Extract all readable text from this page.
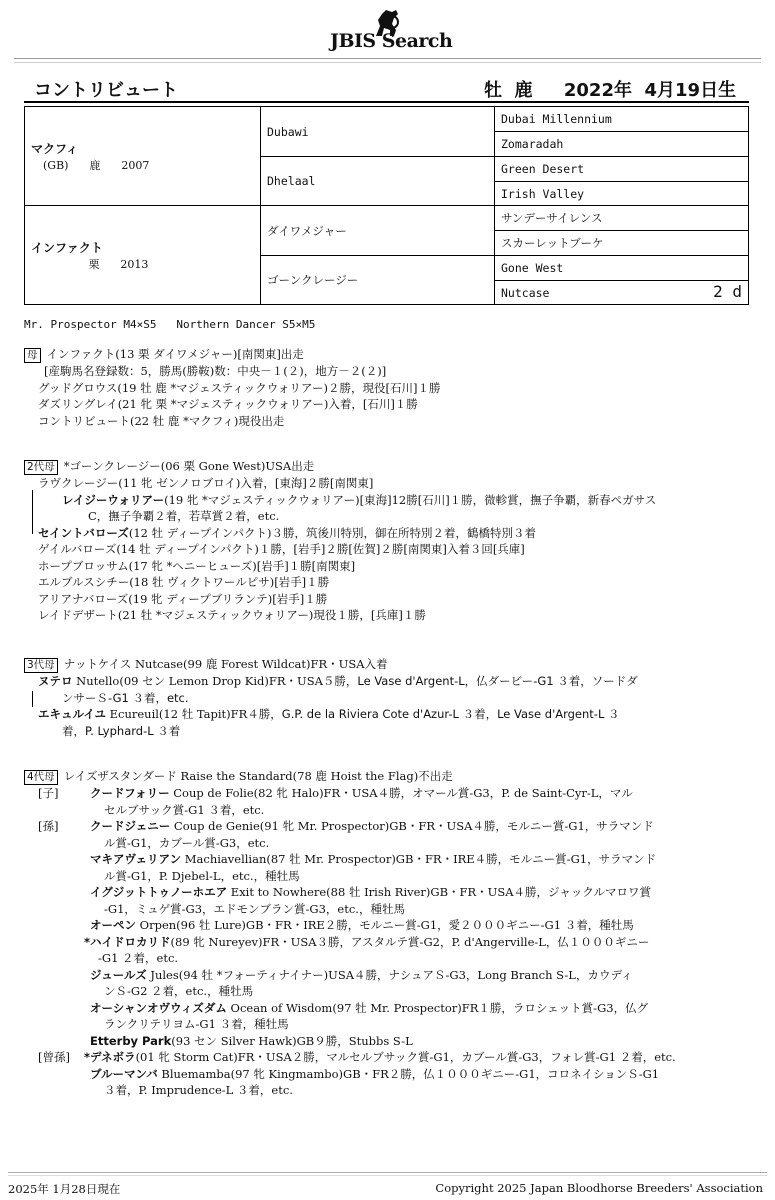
JBIS Search
コントリビュート	牡  鹿     2022年  4月19日生
マクフィ
(GB)      鹿      2007	Dubawi	Dubai Millennium
		Zomaradah
	Dhelaal	Green Desert
		Irish Valley

インファクト
栗      2013	ダイワメジャー	サンデーサイレンス
		スカーレットブーケ
	ゴーンクレージー	Gone West
		Nutcase 2 d
Mr. Prospector M4×S5   Northern Dancer S5×M5
母 インファクト(13 栗 ダイワメジャー)[南関東]出走
[産駒馬名登録数：5，勝馬(勝鞍)数：中央－１(２)，地方－２(２)]
グッドグロウス(19 牡 鹿 *マジェスティックウォリアー)２勝，現役[石川]１勝
ダズリングレイ(21 牝 栗 *マジェスティックウォリアー)入着，[石川]１勝
コントリビュート(22 牡 鹿 *マクフィ)現役出走
2代母 *ゴーンクレージー(06 栗 Gone West)USA出走
ラヴクレージー(11 牝 ゼンノロブロイ)入着，[東海]２勝[南関東]
レイジーウォリアー(19 牝 *マジェスティックウォリアー)[東海]12勝[石川]１勝，微軫賞，撫子争覇，新春ペガサス
C，撫子争覇２着，若草賞２着，etc.
セイントバローズ(12 牡 ディープインパクト)３勝，筑後川特別，御在所特別２着，鶴橋特別３着
ゲイルバローズ(14 牡 ディープインパクト)１勝，[岩手]２勝[佐賀]２勝[南関東]入着３回[兵庫]
ホープブロッサム(17 牝 *ヘニーヒューズ)[岩手]１勝[南関東]
エルブルスシチー(18 牡 ヴィクトワールピサ)[岩手]１勝
アリアナバローズ(19 牝 ディープブリランテ)[岩手]１勝
レイドデザート(21 牡 *マジェスティックウォリアー)現役１勝，[兵庫]１勝
3代母 ナットケイス Nutcase(99 鹿 Forest Wildcat)FR・USA入着
ヌテロ Nutello(09 セン Lemon Drop Kid)FR・USA５勝，Le Vase d'Argent-L，仏ダービー-G1 ３着，ソードダ
ンサーＳ-G1 ３着，etc.
エキュルイユ Ecureuil(12 牡 Tapit)FR４勝，G.P. de la Riviera Cote d'Azur-L ３着，Le Vase d'Argent-L ３
着，P. Lyphard-L ３着
4代母 レイズザスタンダード Raise the Standard(78 鹿 Hoist the Flag)不出走
[子]	クードフォリー Coup de Folie(82 牝 Halo)FR・USA４勝，オマール賞-G3，P. de Saint-Cyr-L，マル
セルブサック賞-G1 ３着，etc.
[孫]	クードジェニー Coup de Genie(91 牝 Mr. Prospector)GB・FR・USA４勝，モルニー賞-G1，サラマンド
ル賞-G1，カブール賞-G3，etc.
マキアヴェリアン Machiavellian(87 牡 Mr. Prospector)GB・FR・IRE４勝，モルニー賞-G1，サラマンド
ル賞-G1，P. Djebel-L，etc.，種牡馬
イグジットトゥノーホエア Exit to Nowhere(88 牡 Irish River)GB・FR・USA４勝，ジャックルマロワ賞
-G1，ミュゲ賞-G3，エドモンブラン賞-G3，etc.，種牡馬
オーペン Orpen(96 牡 Lure)GB・FR・IRE２勝，モルニー賞-G1，愛２０００ギニー-G1 ３着，種牡馬
*ハイドロカリド(89 牝 Nureyev)FR・USA３勝，アスタルテ賞-G2，P. d'Angerville-L，仏１０００ギニー
-G1 ２着，etc.
ジュールズ Jules(94 牡 *フォーティナイナー)USA４勝，ナシュアＳ-G3，Long Branch S-L，カウディ
ンＳ-G2 ２着，etc.，種牡馬
オーシャンオヴウィズダム Ocean of Wisdom(97 牡 Mr. Prospector)FR１勝，ラロシェット賞-G3，仏グ
ランクリテリヨム-G1 ３着，種牡馬
Etterby Park(93 セン Silver Hawk)GB９勝，Stubbs S-L
[曾孫] *デネボラ(01 牝 Storm Cat)FR・USA２勝，マルセルブサック賞-G1，カブール賞-G3，フォレ賞-G1 ２着，etc.
ブルーマンバ Bluemamba(97 牝 Kingmambo)GB・FR２勝，仏１０００ギニー-G1，コロネイションＳ-G1
３着，P. Imprudence-L ３着，etc.
2025年 1月28日現在	Copyright 2025 Japan Bloodhorse Breeders' Association
